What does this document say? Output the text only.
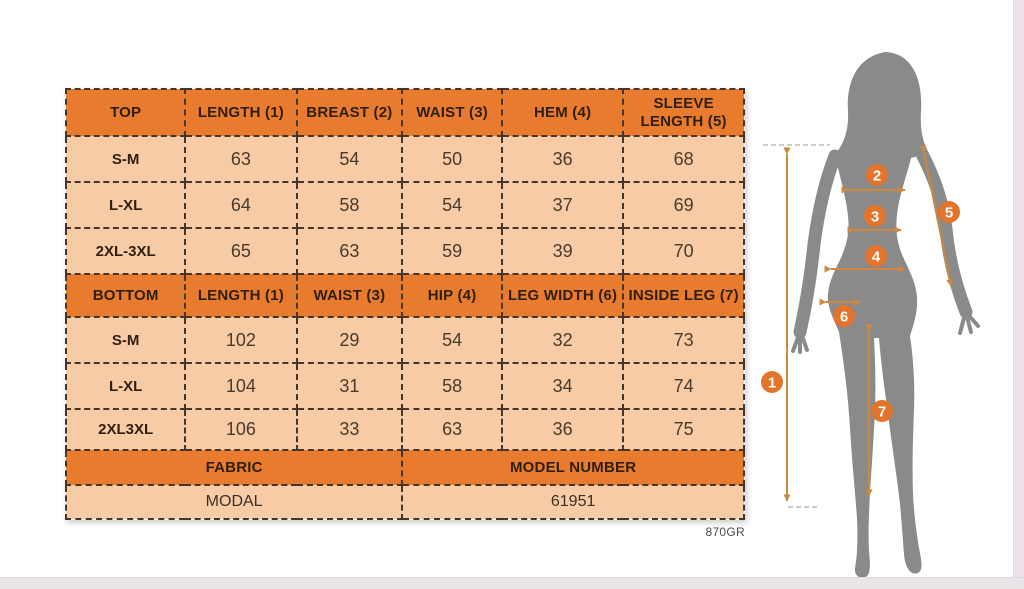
TOP	LENGTH (1)	BREAST (2)	WAIST (3)	HEM (4)	SLEEVE LENGTH (5)
S-M	63	54	50	36	68
L-XL	64	58	54	37	69
2XL-3XL	65	63	59	39	70
BOTTOM	LENGTH (1)	WAIST (3)	HIP (4)	LEG WIDTH (6)	INSIDE LEG (7)
S-M	102	29	54	32	73
L-XL	104	31	58	34	74
2XL3XL	106	33	63	36	75
FABRIC			MODEL NUMBER		
MODAL			61951		
870GR
1
2
3
4
5
6
7
